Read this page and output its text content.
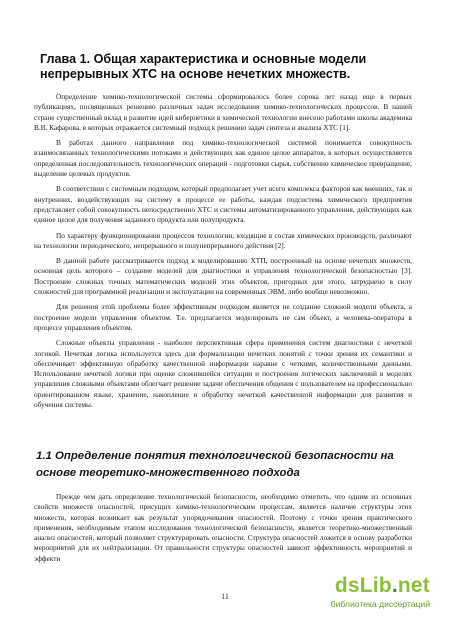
Глава 1. Общая характеристика и основные модели непрерывных ХТС на основе нечетких множеств.

Определение химико-технологической системы сформировалось более сорока лет назад еще в первых публикациях, посвященных решению различных задач исследования химико-технологических процессов. В нашей стране существенный вклад в развитие идей кибернетики в химической технологии внесено работами школы академика В.В. Кафарова, в которых отражается системный подход к решению задач синтеза и анализа ХТС [1].

В работах данного направления под химико-технологической системой понимается совокупность взаимосвязанных технологическими потоками и действующих как единое целое аппаратов, в которых осуществляется определенная последовательность технологических операций - подготовки сырья, собственно химическое превращение, выделение целевых продуктов.

В соответствии с системным подходом, который предполагает учет всего комплекса факторов как внешних, так и внутренних, воздействующих на систему в процессе ее работы, каждая подсистема химического предприятия представляет собой совокупность непосредственно ХТС и системы автоматизированного управления, действующих как единое целое для получения заданного продукта или полупродукта.

По характеру функционирования процессов технологии, входящие в состав химических производств, различают на технологии периодического, непрерывного и полунепрерывного действия [2].

В данной работе рассматривается подход к моделированию ХТП, построенный на основе нечетких множеств, основная цель которого – создание моделей для диагностики и управления технологической безопасностью [3]. Построение сложных точных математических моделей этих объектов, пригодных для этого, затруднено в силу сложностей для программной реализации и эксплуатации на современных ЭВМ, либо вообще невозможно.

Для решения этой проблемы более эффективным подходом является не создание сложной модели объекта, а построение модели управления объектом. Т.е. предлагается моделировать не сам объект, а человека-оператора в процессе управления объектом.

Сложные объекты управления - наиболее перспективная сфера применения систем диагностики с нечеткой логикой. Нечеткая логика используется здесь для формализации нечетких понятий с точки зрения их семантики и обеспечивает эффективную обработку качественной информации наравне с четкими, количественными данными. Использование нечеткой логики при оценке сложившейся ситуации и построения логических заключений в моделях управления сложными объектами облегчает решение задачи обеспечения общения с пользователем на профессионально ориентированном языке, хранение, накопление и обработку нечеткой качественной информации для развития и обучения системы.

1.1 Определение понятия технологической безопасности на основе теоретико-множественного подхода

Прежде чем дать определение технологической безопасности, необходимо отметить, что одним из основных свойств множеств опасностей, присущих химико-технологическим процессам, является наличие структуры этих множеств, которая возникает как результат упорядочивания опасностей. Поэтому с точки зрения практического применения, необходимым этапом исследования технологической безопасности, является теоретико-множественный анализ опасностей, который позволяет структурировать опасности. Структура опасностей ложится в основу разработки мероприятий для их нейтрализации. От правильности структуры опасностей зависит эффективность мероприятий и эффекти

11	dsLib.net
библиотека диссертаций
